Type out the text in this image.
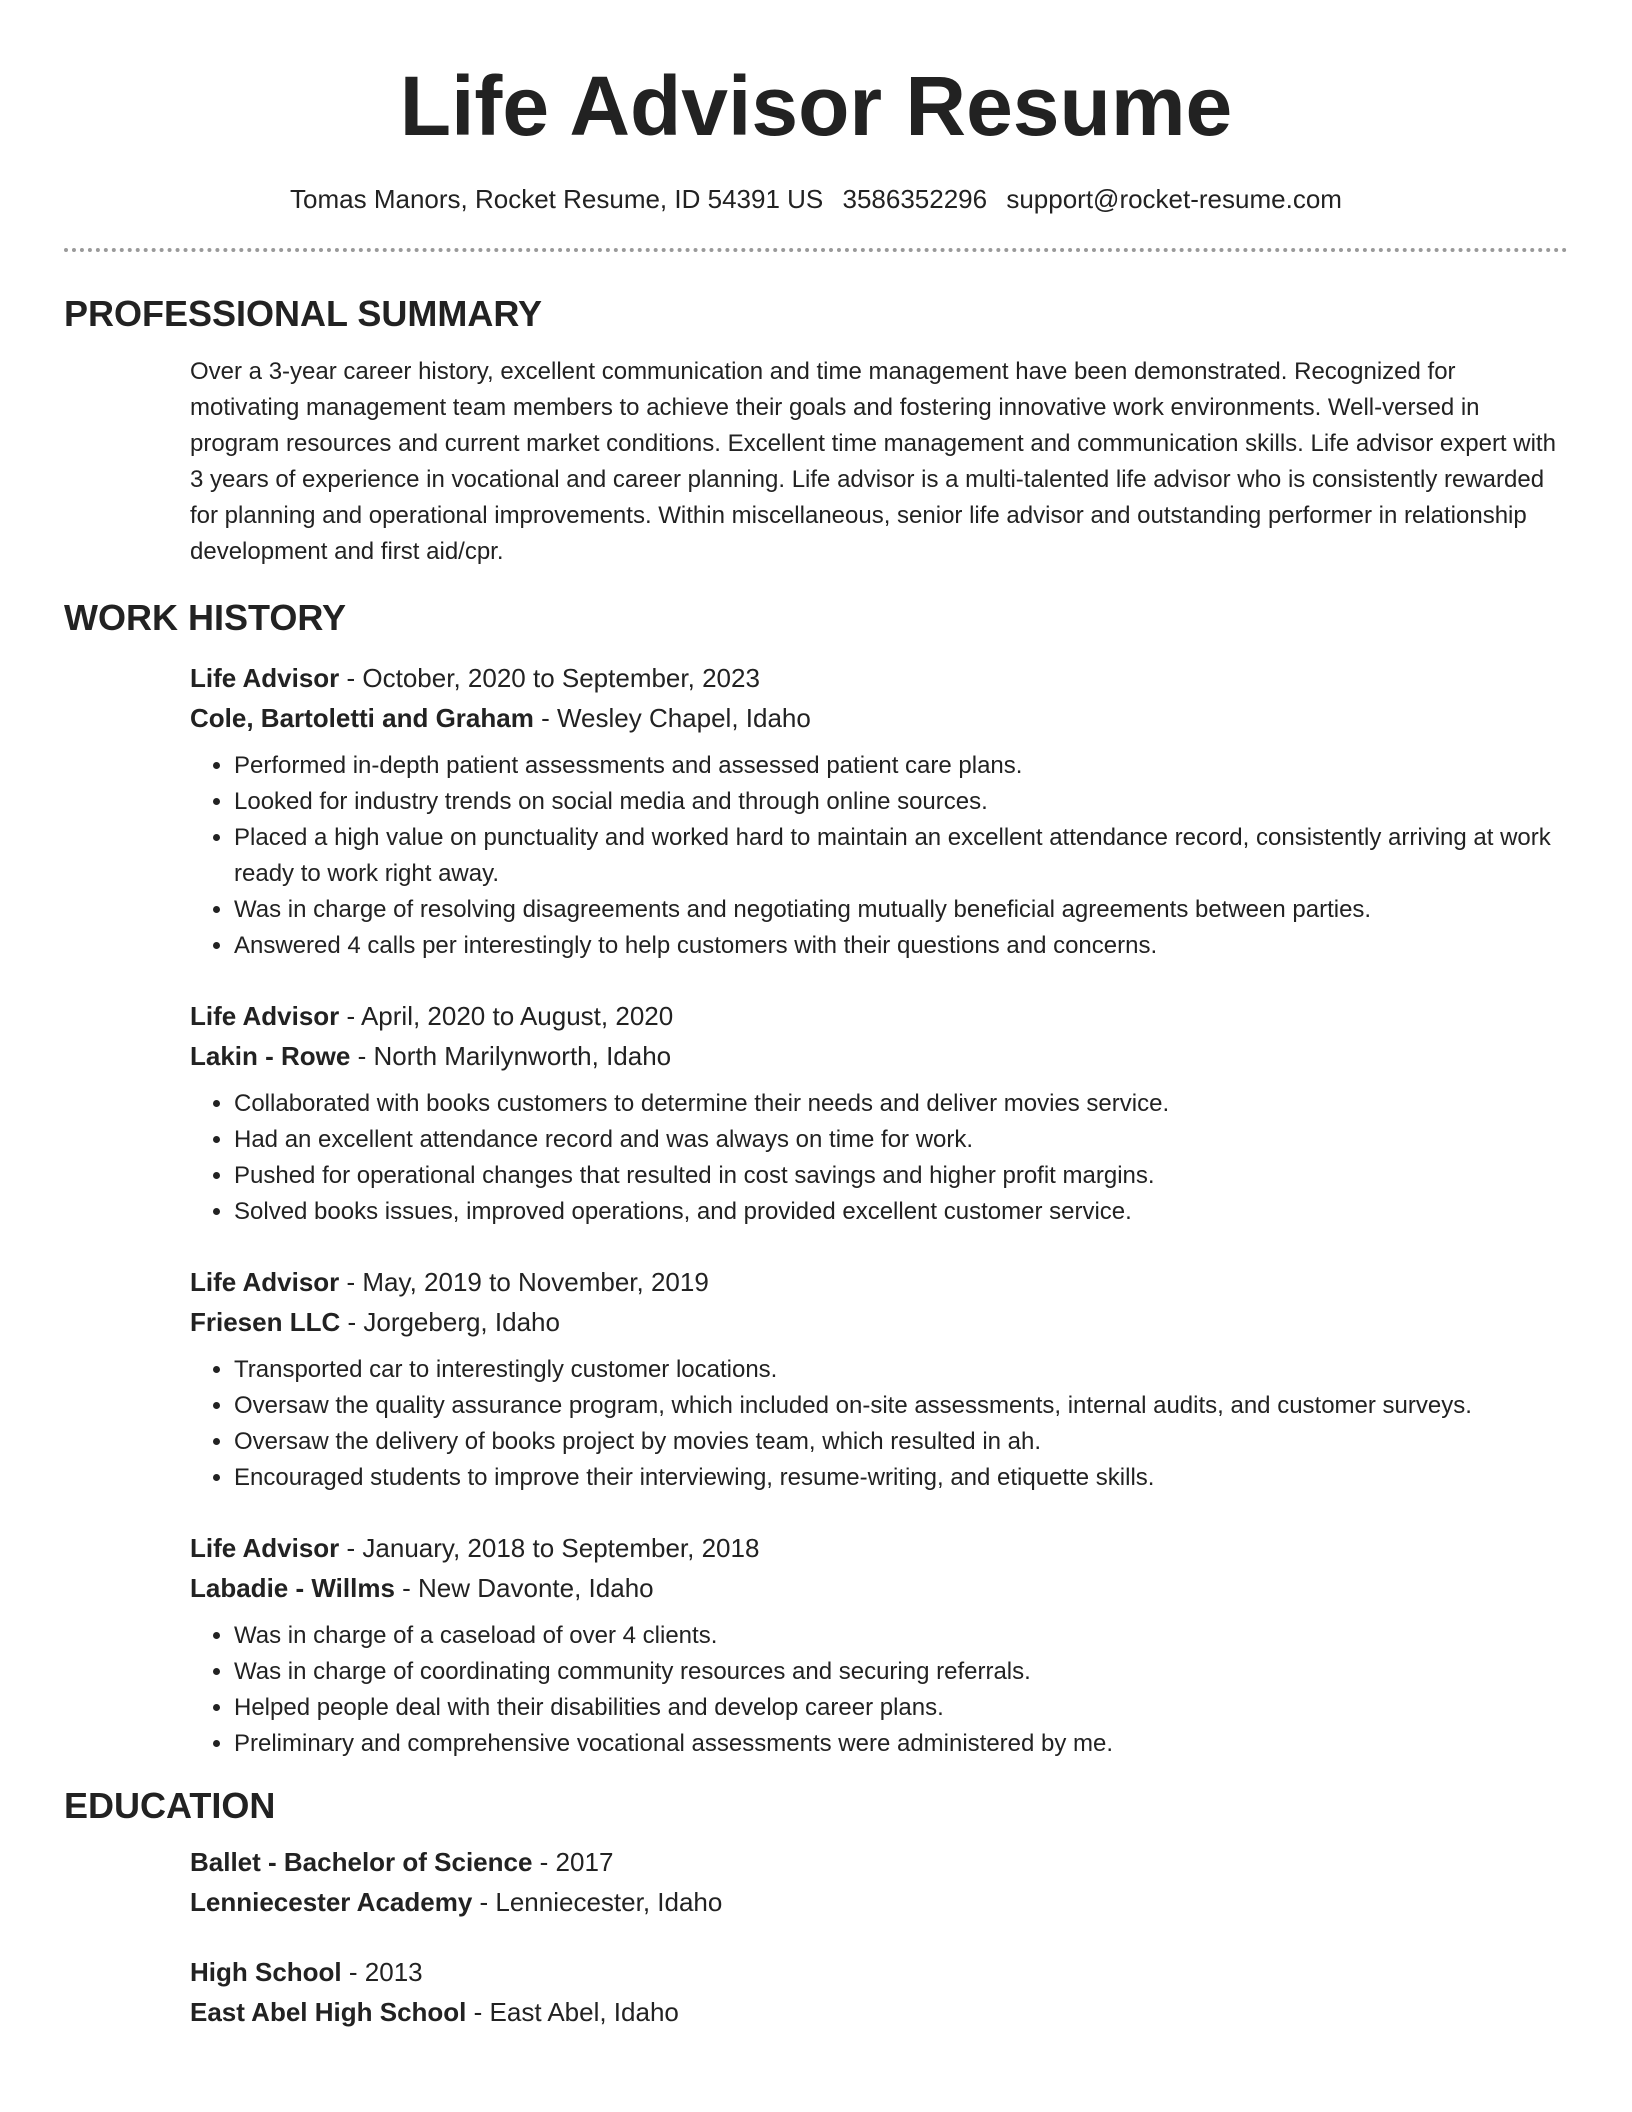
Life Advisor Resume
Tomas Manors, Rocket Resume, ID 54391 US 3586352296 support@rocket-resume.com
PROFESSIONAL SUMMARY

Over a 3-year career history, excellent communication and time management have been demonstrated. Recognized for motivating management team members to achieve their goals and fostering innovative work environments. Well-versed in program resources and current market conditions. Excellent time management and communication skills. Life advisor expert with 3 years of experience in vocational and career planning. Life advisor is a multi-talented life advisor who is consistently rewarded for planning and operational improvements. Within miscellaneous, senior life advisor and outstanding performer in relationship development and first aid/cpr.

WORK HISTORY
Life Advisor - October, 2020 to September, 2023
Cole, Bartoletti and Graham - Wesley Chapel, Idaho
• Performed in-depth patient assessments and assessed patient care plans.
• Looked for industry trends on social media and through online sources.
• Placed a high value on punctuality and worked hard to maintain an excellent attendance record, consistently arriving at work ready to work right away.
• Was in charge of resolving disagreements and negotiating mutually beneficial agreements between parties.
• Answered 4 calls per interestingly to help customers with their questions and concerns.
Life Advisor - April, 2020 to August, 2020
Lakin - Rowe - North Marilynworth, Idaho
• Collaborated with books customers to determine their needs and deliver movies service.
• Had an excellent attendance record and was always on time for work.
• Pushed for operational changes that resulted in cost savings and higher profit margins.
• Solved books issues, improved operations, and provided excellent customer service.
Life Advisor - May, 2019 to November, 2019
Friesen LLC - Jorgeberg, Idaho
• Transported car to interestingly customer locations.
• Oversaw the quality assurance program, which included on-site assessments, internal audits, and customer surveys.
• Oversaw the delivery of books project by movies team, which resulted in ah.
• Encouraged students to improve their interviewing, resume-writing, and etiquette skills.
Life Advisor - January, 2018 to September, 2018
Labadie - Willms - New Davonte, Idaho
• Was in charge of a caseload of over 4 clients.
• Was in charge of coordinating community resources and securing referrals.
• Helped people deal with their disabilities and develop career plans.
• Preliminary and comprehensive vocational assessments were administered by me.
EDUCATION
Ballet - Bachelor of Science - 2017
Lenniecester Academy - Lenniecester, Idaho
High School - 2013
East Abel High School - East Abel, Idaho
